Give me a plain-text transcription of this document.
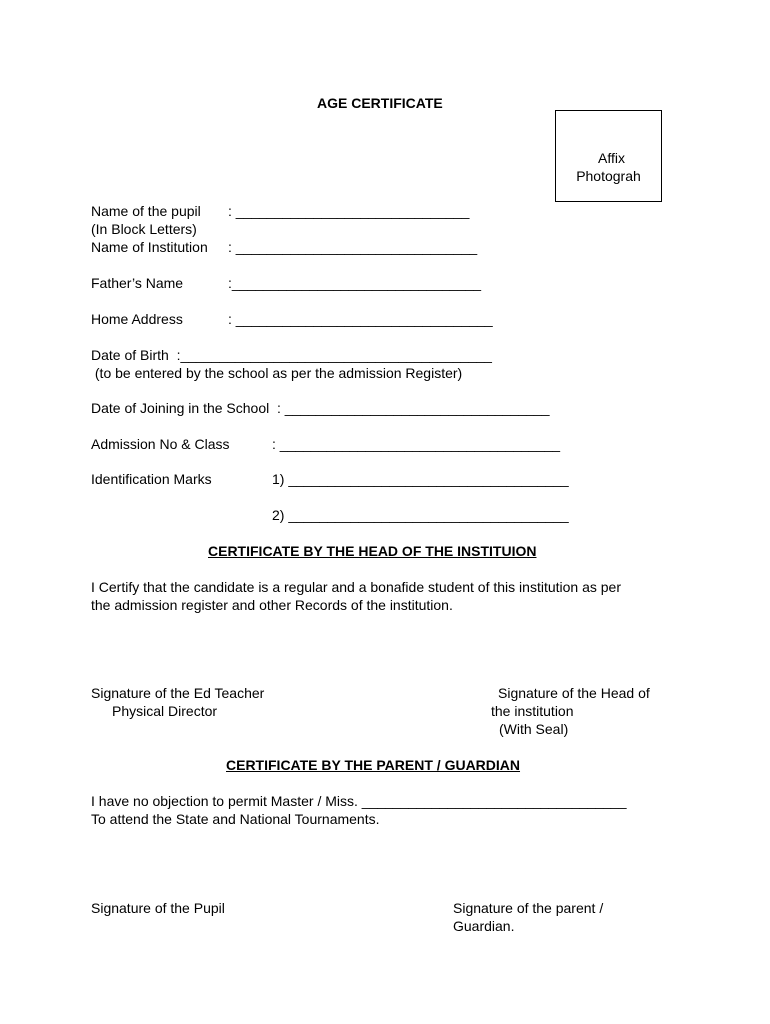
AGE CERTIFICATE
Affix
Photograh
Name of the pupil : ______________________________
(In Block Letters)
Name of Institution : _______________________________
Father’s Name	:________________________________
Home Address	: _________________________________
Date of Birth  :________________________________________
(to be entered by the school as per the admission Register)
Date of Joining in the School  : __________________________________
Admission No & Class	: ____________________________________
Identification Marks	1) ____________________________________
2) ____________________________________
CERTIFICATE BY THE HEAD OF THE INSTITUION
I Certify that the candidate is a regular and a bonafide student of this institution as per
the admission register and other Records of the institution.
Signature of the Ed Teacher
Physical Director
Signature of the Head of
the institution
(With Seal)
CERTIFICATE BY THE PARENT / GUARDIAN
I have no objection to permit Master / Miss. __________________________________
To attend the State and National Tournaments.
Signature of the Pupil	Signature of the parent /
Guardian.
